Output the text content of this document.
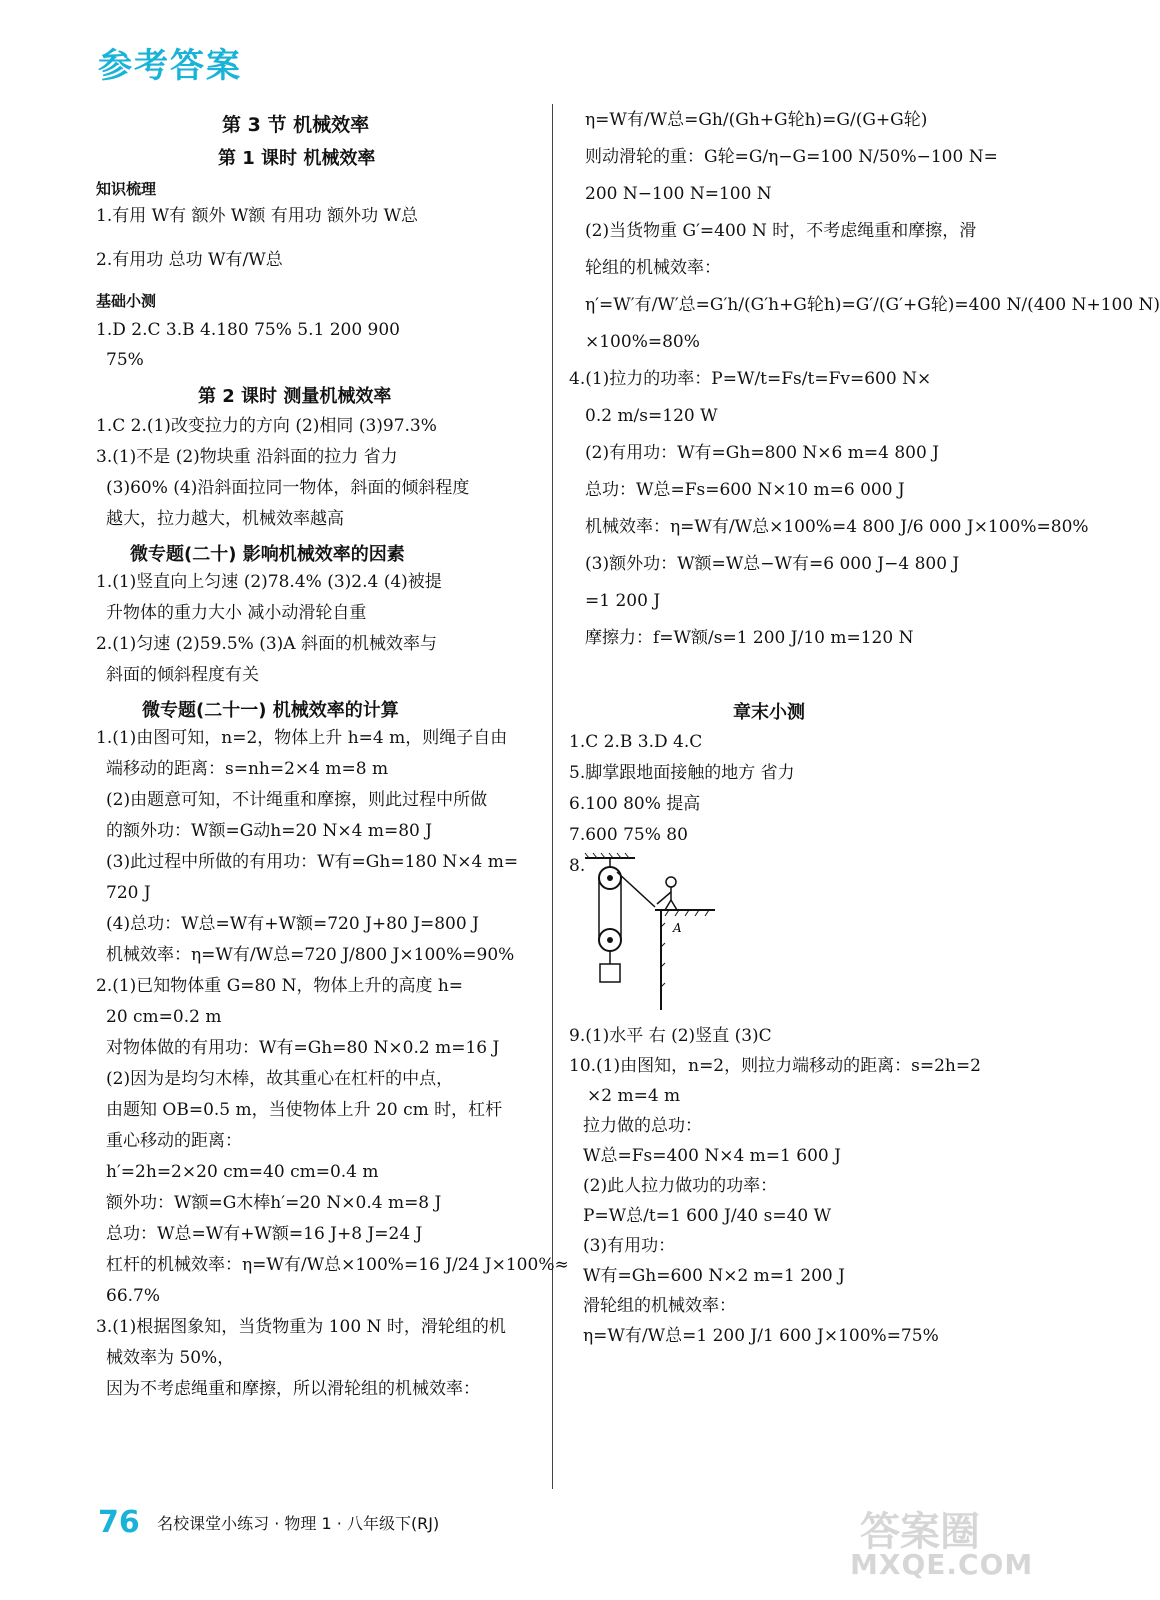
参考答案
第 3 节 机械效率
第 1 课时 机械效率
知识梳理
1.有用 W有 额外 W额 有用功 额外功 W总
2.有用功 总功 W有/W总
基础小测
1.D 2.C 3.B 4.180 75% 5.1 200 900
75%
第 2 课时 测量机械效率
1.C 2.(1)改变拉力的方向 (2)相同 (3)97.3%
3.(1)不是 (2)物块重 沿斜面的拉力 省力
(3)60% (4)沿斜面拉同一物体，斜面的倾斜程度
越大，拉力越大，机械效率越高
微专题(二十) 影响机械效率的因素
1.(1)竖直向上匀速 (2)78.4% (3)2.4 (4)被提
升物体的重力大小 减小动滑轮自重
2.(1)匀速 (2)59.5% (3)A 斜面的机械效率与
斜面的倾斜程度有关
微专题(二十一) 机械效率的计算
1.(1)由图可知，n=2，物体上升 h=4 m，则绳子自由
端移动的距离：s=nh=2×4 m=8 m
(2)由题意可知，不计绳重和摩擦，则此过程中所做
的额外功：W额=G动h=20 N×4 m=80 J
(3)此过程中所做的有用功：W有=Gh=180 N×4 m=
720 J
(4)总功：W总=W有+W额=720 J+80 J=800 J
机械效率：η=W有/W总=720 J/800 J×100%=90%
2.(1)已知物体重 G=80 N，物体上升的高度 h=
20 cm=0.2 m
对物体做的有用功：W有=Gh=80 N×0.2 m=16 J
(2)因为是均匀木棒，故其重心在杠杆的中点，
由题知 OB=0.5 m，当使物体上升 20 cm 时，杠杆
重心移动的距离：
h′=2h=2×20 cm=40 cm=0.4 m
额外功：W额=G木棒h′=20 N×0.4 m=8 J
总功：W总=W有+W额=16 J+8 J=24 J
杠杆的机械效率：η=W有/W总×100%=16 J/24 J×100%≈
66.7%
3.(1)根据图象知，当货物重为 100 N 时，滑轮组的机
械效率为 50%，
因为不考虑绳重和摩擦，所以滑轮组的机械效率：
η=W有/W总=Gh/(Gh+G轮h)=G/(G+G轮)
则动滑轮的重：G轮=G/η−G=100 N/50%−100 N=
200 N−100 N=100 N
(2)当货物重 G′=400 N 时，不考虑绳重和摩擦，滑
轮组的机械效率：
η′=W′有/W′总=G′h/(G′h+G轮h)=G′/(G′+G轮)=400 N/(400 N+100 N)
×100%=80%
4.(1)拉力的功率：P=W/t=Fs/t=Fv=600 N×
0.2 m/s=120 W
(2)有用功：W有=Gh=800 N×6 m=4 800 J
总功：W总=Fs=600 N×10 m=6 000 J
机械效率：η=W有/W总×100%=4 800 J/6 000 J×100%=80%
(3)额外功：W额=W总−W有=6 000 J−4 800 J
=1 200 J
摩擦力：f=W额/s=1 200 J/10 m=120 N
章末小测
1.C 2.B 3.D 4.C
5.脚掌跟地面接触的地方 省力
6.100 80% 提高
7.600 75% 80
8.
A
9.(1)水平 右 (2)竖直 (3)C
10.(1)由图知，n=2，则拉力端移动的距离：s=2h=2
×2 m=4 m
拉力做的总功：
W总=Fs=400 N×4 m=1 600 J
(2)此人拉力做功的功率：
P=W总/t=1 600 J/40 s=40 W
(3)有用功：
W有=Gh=600 N×2 m=1 200 J
滑轮组的机械效率：
η=W有/W总=1 200 J/1 600 J×100%=75%
76 名校课堂小练习 · 物理 1 · 八年级下(RJ)	答案圈
MXQE.COM
